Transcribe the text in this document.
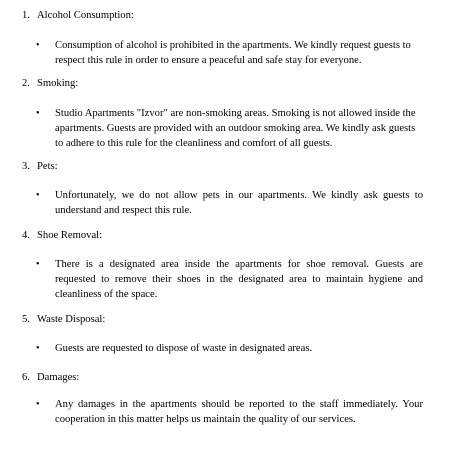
1. Alcohol Consumption:
• Consumption of alcohol is prohibited in the apartments. We kindly request guests to respect this rule in order to ensure a peaceful and safe stay for everyone.
2. Smoking:
• Studio Apartments "Izvor" are non-smoking areas. Smoking is not allowed inside the apartments. Guests are provided with an outdoor smoking area. We kindly ask guests to adhere to this rule for the cleanliness and comfort of all guests.
3. Pets:
• Unfortunately, we do not allow pets in our apartments. We kindly ask guests to understand and respect this rule.
4. Shoe Removal:
• There is a designated area inside the apartments for shoe removal. Guests are requested to remove their shoes in the designated area to maintain hygiene and cleanliness of the space.
5. Waste Disposal:
• Guests are requested to dispose of waste in designated areas.
6. Damages:
• Any damages in the apartments should be reported to the staff immediately. Your cooperation in this matter helps us maintain the quality of our services.
